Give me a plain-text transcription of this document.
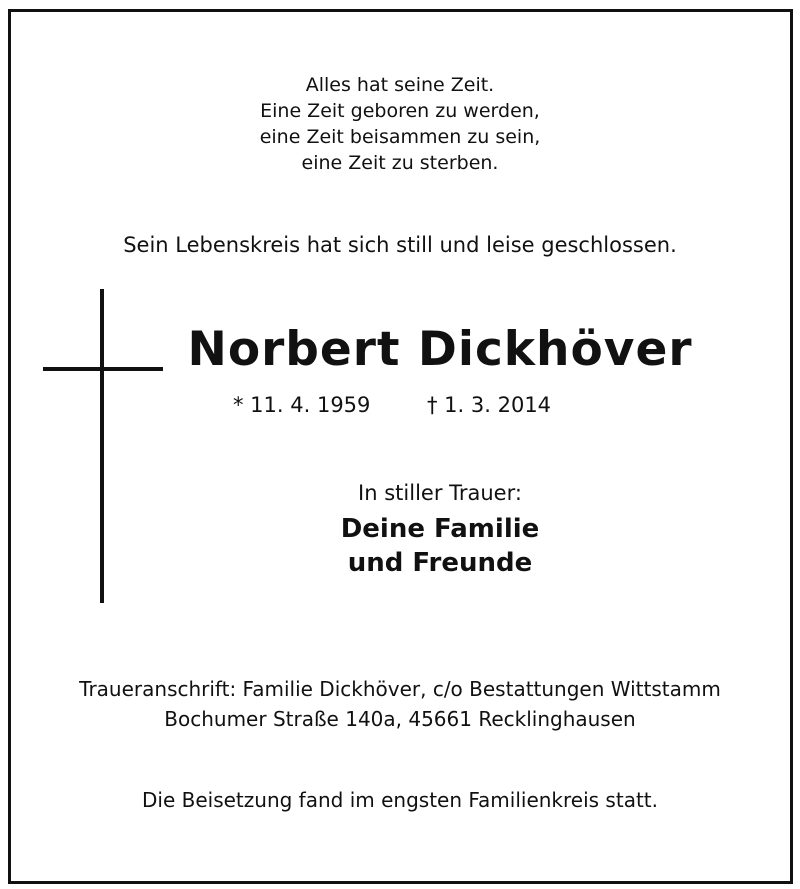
Alles hat seine Zeit.
Eine Zeit geboren zu werden,
eine Zeit beisammen zu sein,
eine Zeit zu sterben.
Sein Lebenskreis hat sich still und leise geschlossen.
Norbert Dickhöver
* 11. 4. 1959	† 1. 3. 2014
In stiller Trauer:
Deine Familie
und Freunde
Traueranschrift: Familie Dickhöver, c/o Bestattungen Wittstamm
Bochumer Straße 140a, 45661 Recklinghausen
Die Beisetzung fand im engsten Familienkreis statt.
